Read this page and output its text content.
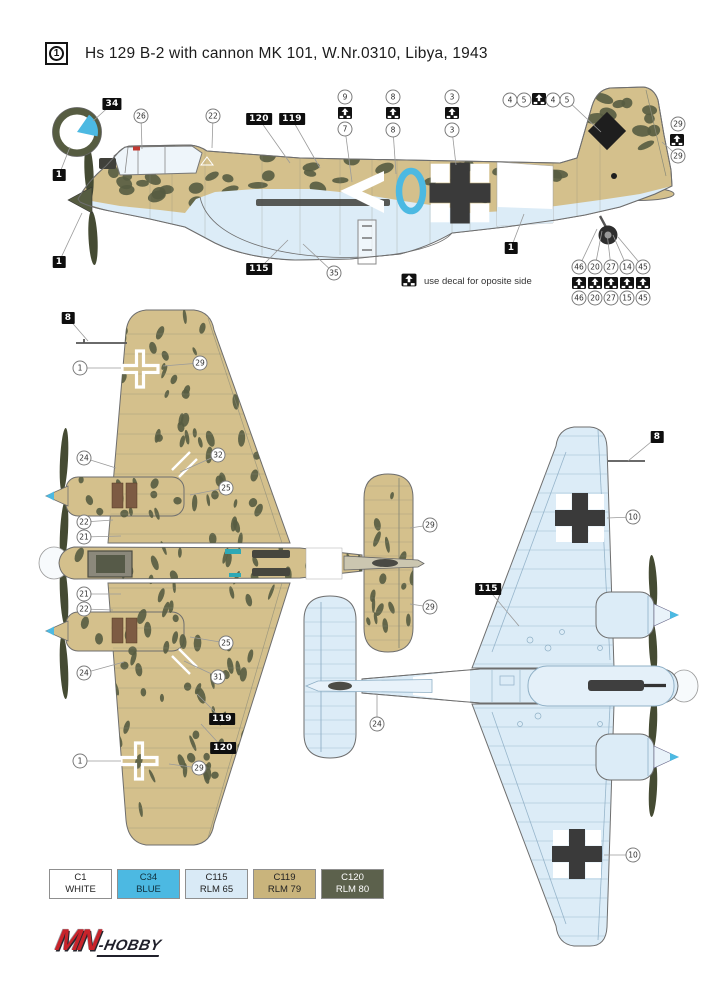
1	Hs 129 B-2 with cannon MK 101, W.Nr.0310, Libya, 1943
use decal for oposite side
34
1
1
26	22	120	119
9
7
8
8
3
3
4	5	4	5
29
29
115	35
1
46 20 27 14 45
46 20 27 15 45
8
1
29
24	32
25
22
21
21
22
25
24	31
119
120
1
29
29
29
8
10
115
24
10
C1
WHITE
C34
BLUE
C115
RLM 65
C119
RLM 79
C120
RLM 80
MN-HOBBY
